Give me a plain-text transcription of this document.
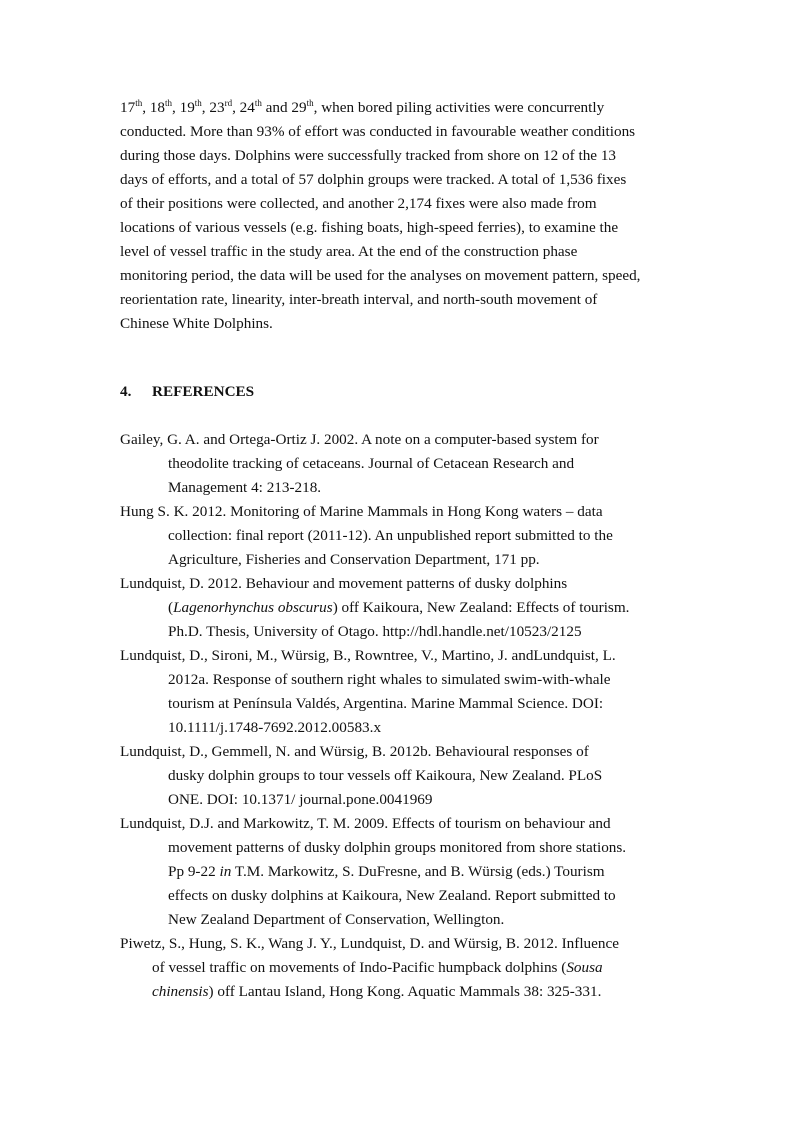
17th, 18th, 19th, 23rd, 24th and 29th, when bored piling activities were concurrently
conducted. More than 93% of effort was conducted in favourable weather conditions
during those days. Dolphins were successfully tracked from shore on 12 of the 13
days of efforts, and a total of 57 dolphin groups were tracked. A total of 1,536 fixes
of their positions were collected, and another 2,174 fixes were also made from
locations of various vessels (e.g. fishing boats, high-speed ferries), to examine the
level of vessel traffic in the study area. At the end of the construction phase
monitoring period, the data will be used for the analyses on movement pattern, speed,
reorientation rate, linearity, inter-breath interval, and north-south movement of
Chinese White Dolphins.
4. REFERENCES
Gailey, G. A. and Ortega-Ortiz J. 2002. A note on a computer-based system for
theodolite tracking of cetaceans. Journal of Cetacean Research and
Management 4: 213-218.
Hung S. K. 2012. Monitoring of Marine Mammals in Hong Kong waters – data
collection: final report (2011-12). An unpublished report submitted to the
Agriculture, Fisheries and Conservation Department, 171 pp.
Lundquist, D. 2012. Behaviour and movement patterns of dusky dolphins
(Lagenorhynchus obscurus) off Kaikoura, New Zealand: Effects of tourism.
Ph.D. Thesis, University of Otago. http://hdl.handle.net/10523/2125
Lundquist, D., Sironi, M., Würsig, B., Rowntree, V., Martino, J. andLundquist, L.
2012a. Response of southern right whales to simulated swim-with-whale
tourism at Península Valdés, Argentina. Marine Mammal Science. DOI:
10.1111/j.1748-7692.2012.00583.x
Lundquist, D., Gemmell, N. and Würsig, B. 2012b. Behavioural responses of
dusky dolphin groups to tour vessels off Kaikoura, New Zealand. PLoS
ONE. DOI: 10.1371/ journal.pone.0041969
Lundquist, D.J. and Markowitz, T. M. 2009. Effects of tourism on behaviour and
movement patterns of dusky dolphin groups monitored from shore stations.
Pp 9-22 in T.M. Markowitz, S. DuFresne, and B. Würsig (eds.) Tourism
effects on dusky dolphins at Kaikoura, New Zealand. Report submitted to
New Zealand Department of Conservation, Wellington.
Piwetz, S., Hung, S. K., Wang J. Y., Lundquist, D. and Würsig, B. 2012. Influence
of vessel traffic on movements of Indo-Pacific humpback dolphins (Sousa
chinensis) off Lantau Island, Hong Kong. Aquatic Mammals 38: 325-331.
